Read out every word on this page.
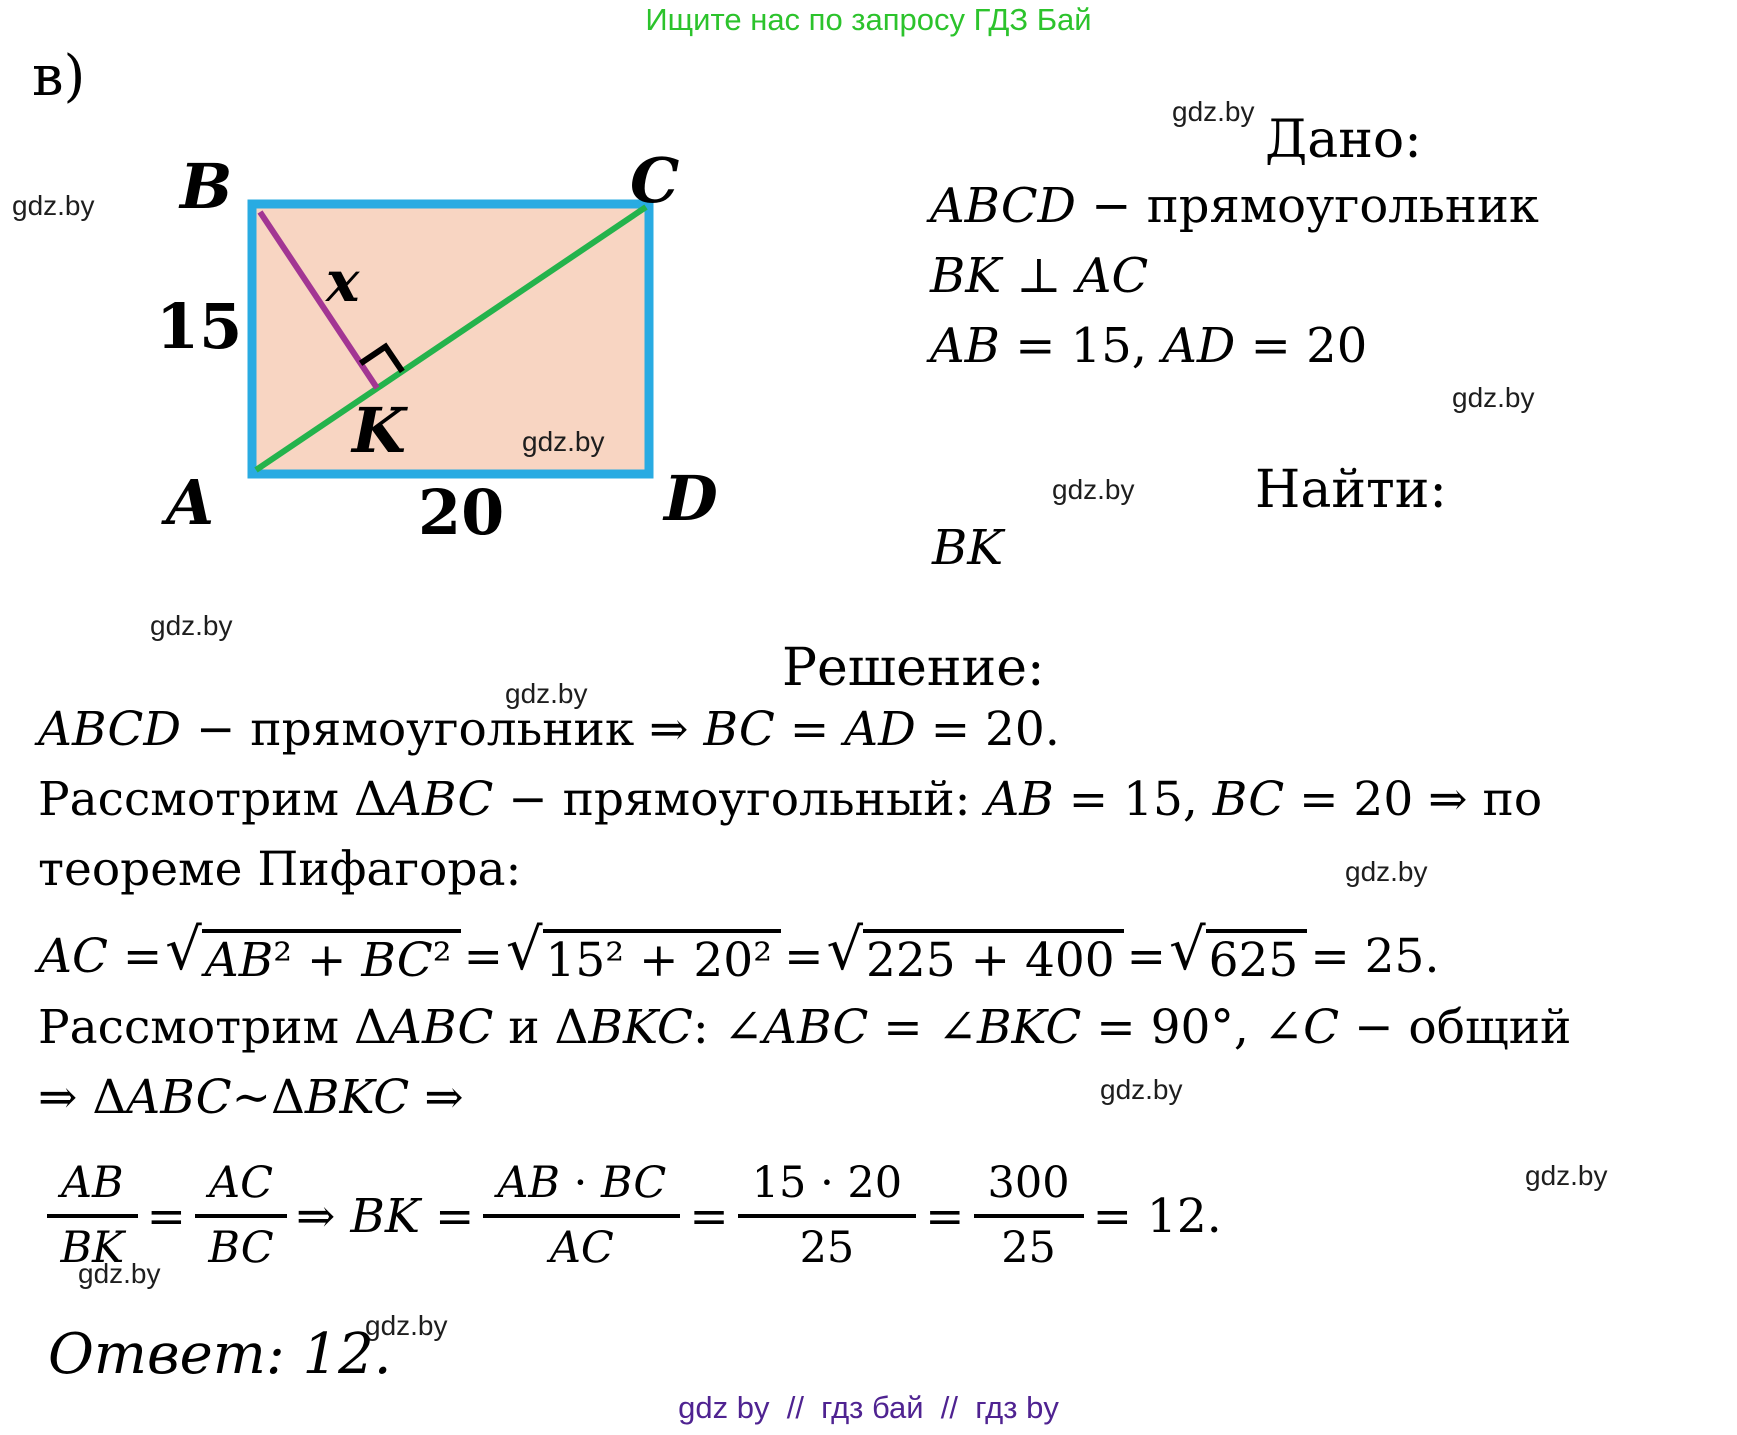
Ищите нас по запросу ГДЗ Бай
в)
B	C
A	D
15
20
x
K
gdz.by
gdz.by
gdz.by
gdz.by
gdz.by
gdz.by
gdz.by
gdz.by
gdz.by
gdz.by
gdz.by
gdz.by
Дано:
ABCD − прямоугольник
BK ⊥ AC
AB = 15, AD = 20
Найти:
BK
Решение:
ABCD − прямоугольник ⇒ BC = AD = 20.
Рассмотрим ΔABC − прямоугольный: AB = 15, BC = 20 ⇒ по
теореме Пифагора:
AC = √ AB² + BC² = √ 15² + 20² = √ 225 + 400 = √ 625 = 25.
Рассмотрим ΔABC и ΔBKC: ∠ABC = ∠BKC = 90°, ∠C − общий
⇒ ΔABC∼ΔBKC ⇒
$\frac{AB}{BK} = \frac{AC}{BC}$ ⇒ BK = $\frac{AB \cdot BC}{AC} = \frac{15 \cdot 20}{25} = \frac{300}{25} = 12$.
Ответ: 12.
gdz by  //  гдз бай  //  гдз by
